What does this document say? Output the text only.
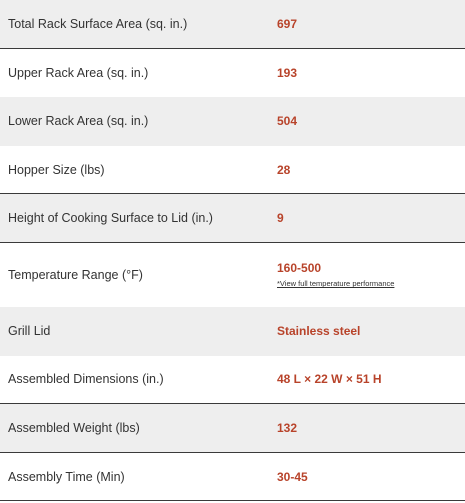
Total Rack Surface Area (sq. in.)	697
Upper Rack Area (sq. in.)	193
Lower Rack Area (sq. in.)	504
Hopper Size (lbs)	28
Height of Cooking Surface to Lid (in.)	9
Temperature Range (°F)	160-500
*View full temperature performance
Grill Lid	Stainless steel
Assembled Dimensions (in.)	48 L × 22 W × 51 H
Assembled Weight (lbs)	132
Assembly Time (Min)	30-45
